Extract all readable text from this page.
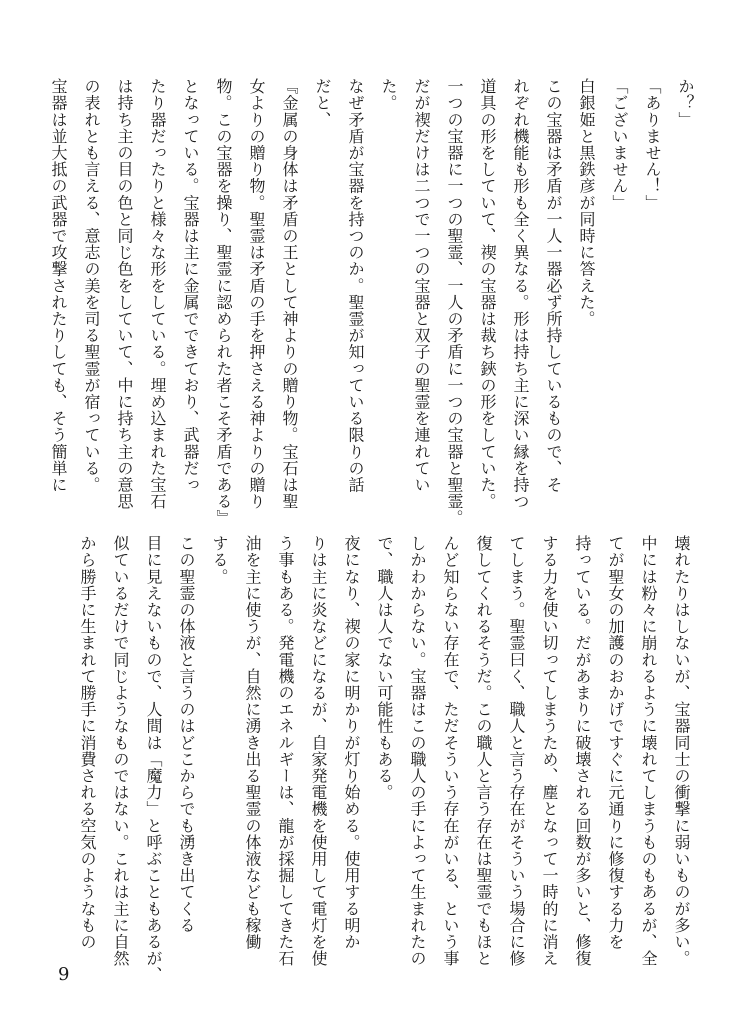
か？」
「ありません！」
「ございません」
白銀姫と黒鉄彦が同時に答えた。
この宝器は矛盾が一人一器必ず所持しているもので、そ
れぞれ機能も形も全く異なる。形は持ち主に深い縁を持つ
道具の形をしていて、禊の宝器は裁ち鋏の形をしていた。
一つの宝器に一つの聖霊、一人の矛盾に一つの宝器と聖霊。
だが禊だけは二つで一つの宝器と双子の聖霊を連れてい
た。
なぜ矛盾が宝器を持つのか。聖霊が知っている限りの話
だと、
『金属の身体は矛盾の王として神よりの贈り物。宝石は聖
女よりの贈り物。聖霊は矛盾の手を押さえる神よりの贈り
物。この宝器を操り、聖霊に認められた者こそ矛盾である』
となっている。宝器は主に金属でできており、武器だっ
たり器だったりと様々な形をしている。埋め込まれた宝石
は持ち主の目の色と同じ色をしていて、中に持ち主の意思
の表れとも言える、意志の美を司る聖霊が宿っている。
宝器は並大抵の武器で攻撃されたりしても、そう簡単に
壊れたりはしないが、宝器同士の衝撃に弱いものが多い。
中には粉々に崩れるように壊れてしまうものもあるが、全
てが聖女の加護のおかげですぐに元通りに修復する力を
持っている。だがあまりに破壊される回数が多いと、修復
する力を使い切ってしまうため、塵となって一時的に消え
てしまう。聖霊曰く、職人と言う存在がそういう場合に修
復してくれるそうだ。この職人と言う存在は聖霊でもほと
んど知らない存在で、ただそういう存在がいる、という事
しかわからない。宝器はこの職人の手によって生まれたの
で、職人は人でない可能性もある。
夜になり、禊の家に明かりが灯り始める。使用する明か
りは主に炎などになるが、自家発電機を使用して電灯を使
う事もある。発電機のエネルギーは、龍が採掘してきた石
油を主に使うが、自然に湧き出る聖霊の体液なども稼働
する。
この聖霊の体液と言うのはどこからでも湧き出てくる
目に見えないもので、人間は「魔力」と呼ぶこともあるが、
似ているだけで同じようなものではない。これは主に自然
から勝手に生まれて勝手に消費される空気のようなもの
9
